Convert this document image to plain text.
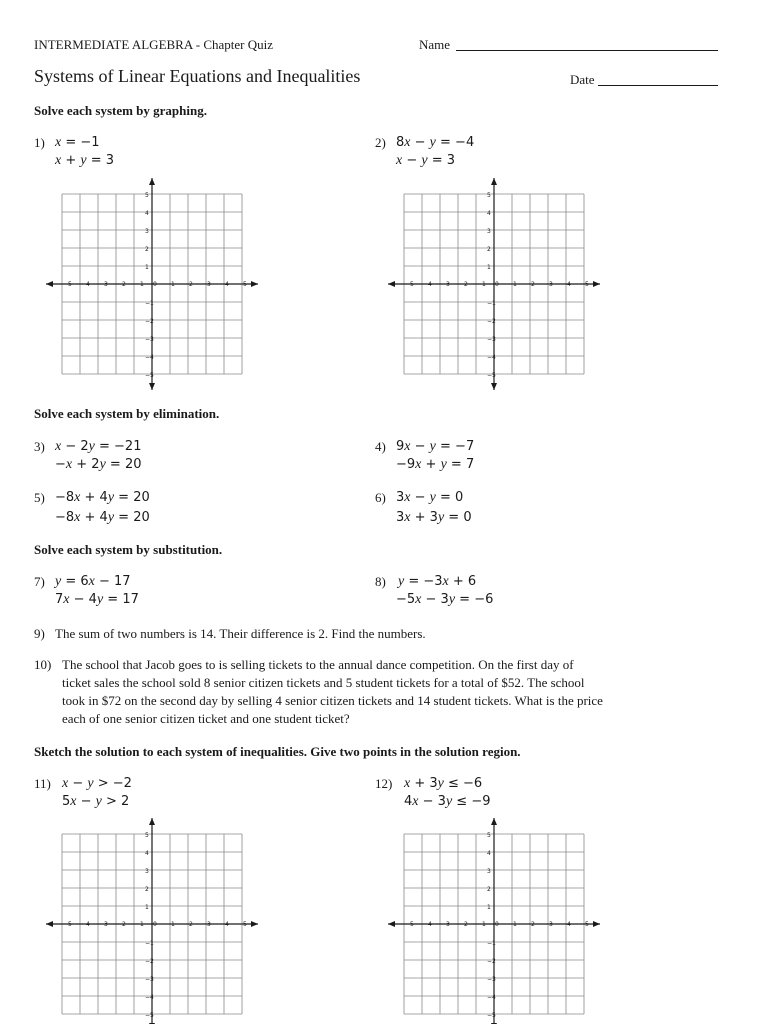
INTERMEDIATE ALGEBRA - Chapter Quiz	Name
Systems of Linear Equations and Inequalities	Date
Solve each system by graphing.
1) x = −1
x + y = 3
2) 8x − y = −4
x − y = 3
−5 −4 −3 −2 −1 0 1 2 3 4 5
5
4
3
2
1
−1
−2
−3
−4
−5
−5 −4 −3 −2 −1 0 1 2 3 4 5
5
4
3
2
1
−1
−2
−3
−4
−5
Solve each system by elimination.
3) x − 2y = −21
−x + 2y = 20
4) 9x − y = −7
−9x + y = 7
5) −8x + 4y = 20
−8x + 4y = 20
6) 3x − y = 0
3x + 3y = 0
Solve each system by substitution.
7) y = 6x − 17
7x − 4y = 17
8) y = −3x + 6
−5x − 3y = −6
9) The sum of two numbers is 14. Their difference is 2. Find the numbers.
10) The school that Jacob goes to is selling tickets to the annual dance competition. On the first day of
ticket sales the school sold 8 senior citizen tickets and 5 student tickets for a total of $52. The school
took in $72 on the second day by selling 4 senior citizen tickets and 14 student tickets. What is the price
each of one senior citizen ticket and one student ticket?
Sketch the solution to each system of inequalities. Give two points in the solution region.
11) x − y > −2
5x − y > 2
12) x + 3y ≤ −6
4x − 3y ≤ −9
−5 −4 −3 −2 −1 0 1 2 3 4 5
5
4
3
2
1
−1
−2
−3
−4
−5
−5 −4 −3 −2 −1 0 1 2 3 4 5
5
4
3
2
1
−1
−2
−3
−4
−5
